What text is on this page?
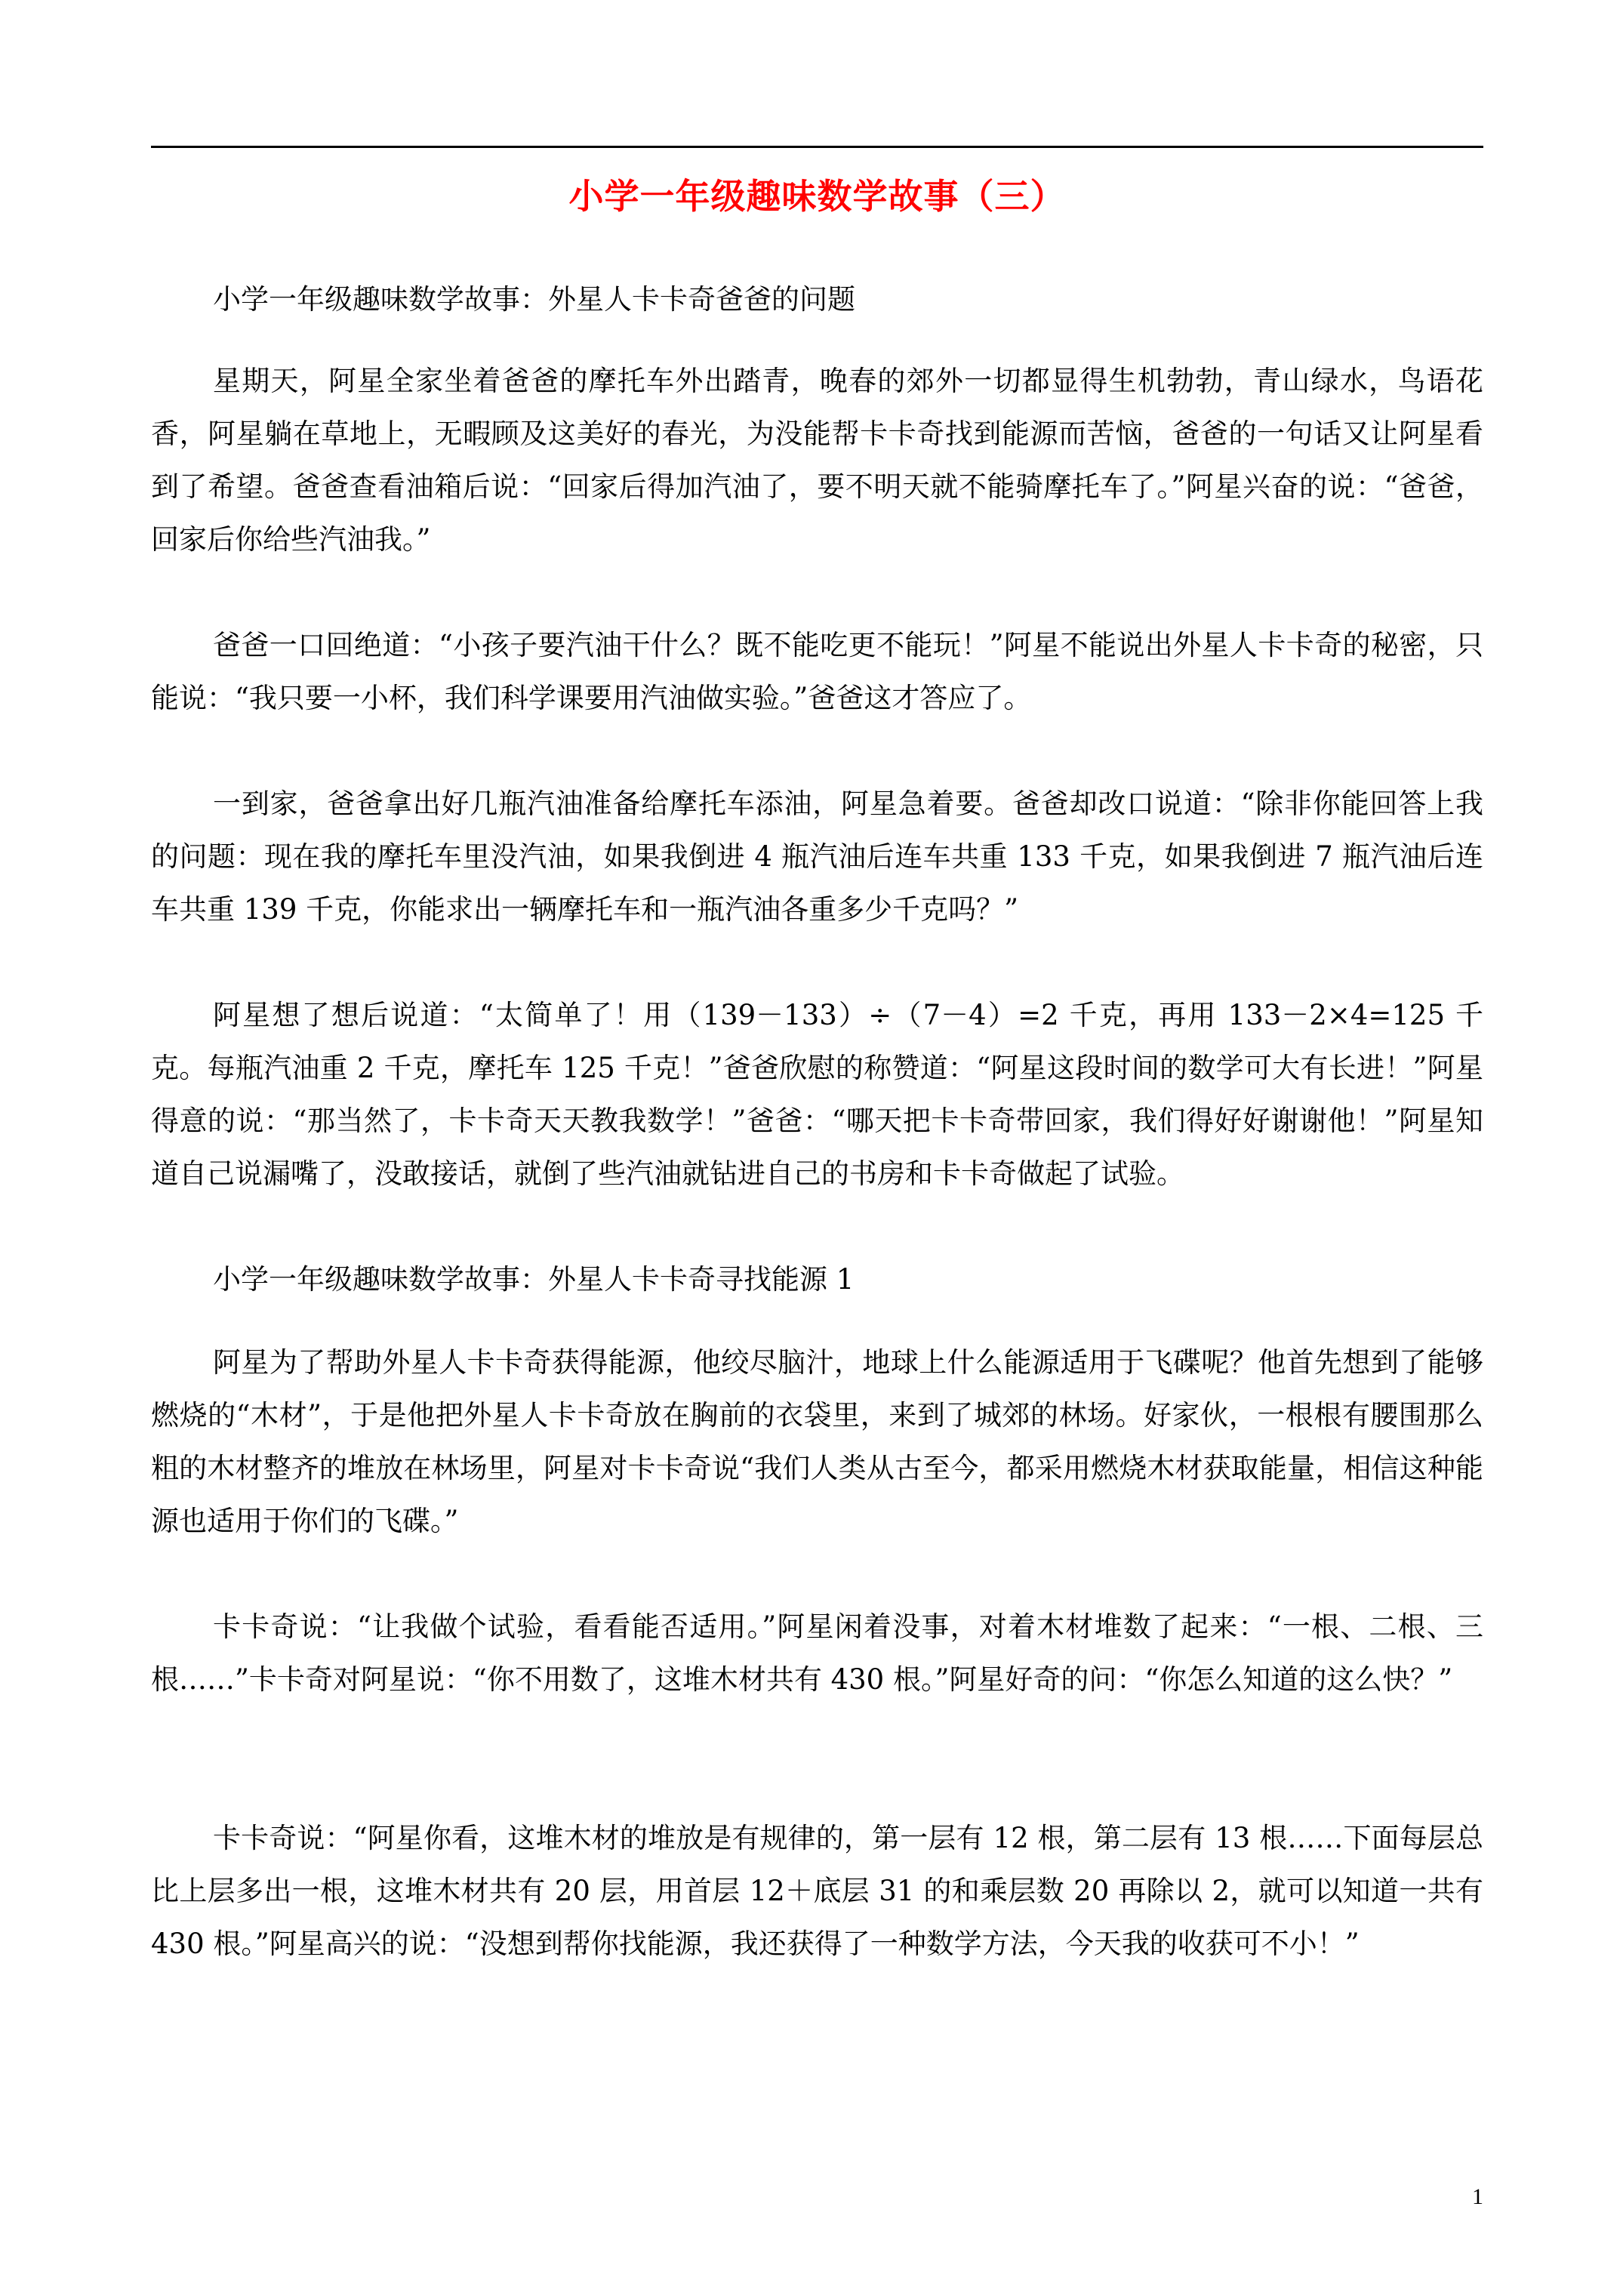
小学一年级趣味数学故事（三）

小学一年级趣味数学故事：外星人卡卡奇爸爸的问题

星期天，阿星全家坐着爸爸的摩托车外出踏青，晚春的郊外一切都显得生机勃勃，青山绿水，鸟语花香，阿星躺在草地上，无暇顾及这美好的春光，为没能帮卡卡奇找到能源而苦恼，爸爸的一句话又让阿星看到了希望。爸爸查看油箱后说：“回家后得加汽油了，要不明天就不能骑摩托车了。”阿星兴奋的说：“爸爸，回家后你给些汽油我。”

爸爸一口回绝道：“小孩子要汽油干什么？既不能吃更不能玩！”阿星不能说出外星人卡卡奇的秘密，只能说：“我只要一小杯，我们科学课要用汽油做实验。”爸爸这才答应了。

一到家，爸爸拿出好几瓶汽油准备给摩托车添油，阿星急着要。爸爸却改口说道：“除非你能回答上我的问题：现在我的摩托车里没汽油，如果我倒进 4 瓶汽油后连车共重 133 千克，如果我倒进 7 瓶汽油后连车共重 139 千克，你能求出一辆摩托车和一瓶汽油各重多少千克吗？”

阿星想了想后说道：“太简单了！用（139－133）÷（7－4）=2 千克，再用 133－2×4=125 千克。每瓶汽油重 2 千克，摩托车 125 千克！”爸爸欣慰的称赞道：“阿星这段时间的数学可大有长进！”阿星得意的说：“那当然了，卡卡奇天天教我数学！”爸爸：“哪天把卡卡奇带回家，我们得好好谢谢他！”阿星知道自己说漏嘴了，没敢接话，就倒了些汽油就钻进自己的书房和卡卡奇做起了试验。

小学一年级趣味数学故事：外星人卡卡奇寻找能源 1

阿星为了帮助外星人卡卡奇获得能源，他绞尽脑汁，地球上什么能源适用于飞碟呢？他首先想到了能够燃烧的“木材”，于是他把外星人卡卡奇放在胸前的衣袋里，来到了城郊的林场。好家伙，一根根有腰围那么粗的木材整齐的堆放在林场里，阿星对卡卡奇说“我们人类从古至今，都采用燃烧木材获取能量，相信这种能源也适用于你们的飞碟。”

卡卡奇说：“让我做个试验，看看能否适用。”阿星闲着没事，对着木材堆数了起来：“一根、二根、三根……”卡卡奇对阿星说：“你不用数了，这堆木材共有 430 根。”阿星好奇的问：“你怎么知道的这么快？”

卡卡奇说：“阿星你看，这堆木材的堆放是有规律的，第一层有 12 根，第二层有 13 根……下面每层总比上层多出一根，这堆木材共有 20 层，用首层 12＋底层 31 的和乘层数 20 再除以 2，就可以知道一共有 430 根。”阿星高兴的说：“没想到帮你找能源，我还获得了一种数学方法，今天我的收获可不小！”

1
